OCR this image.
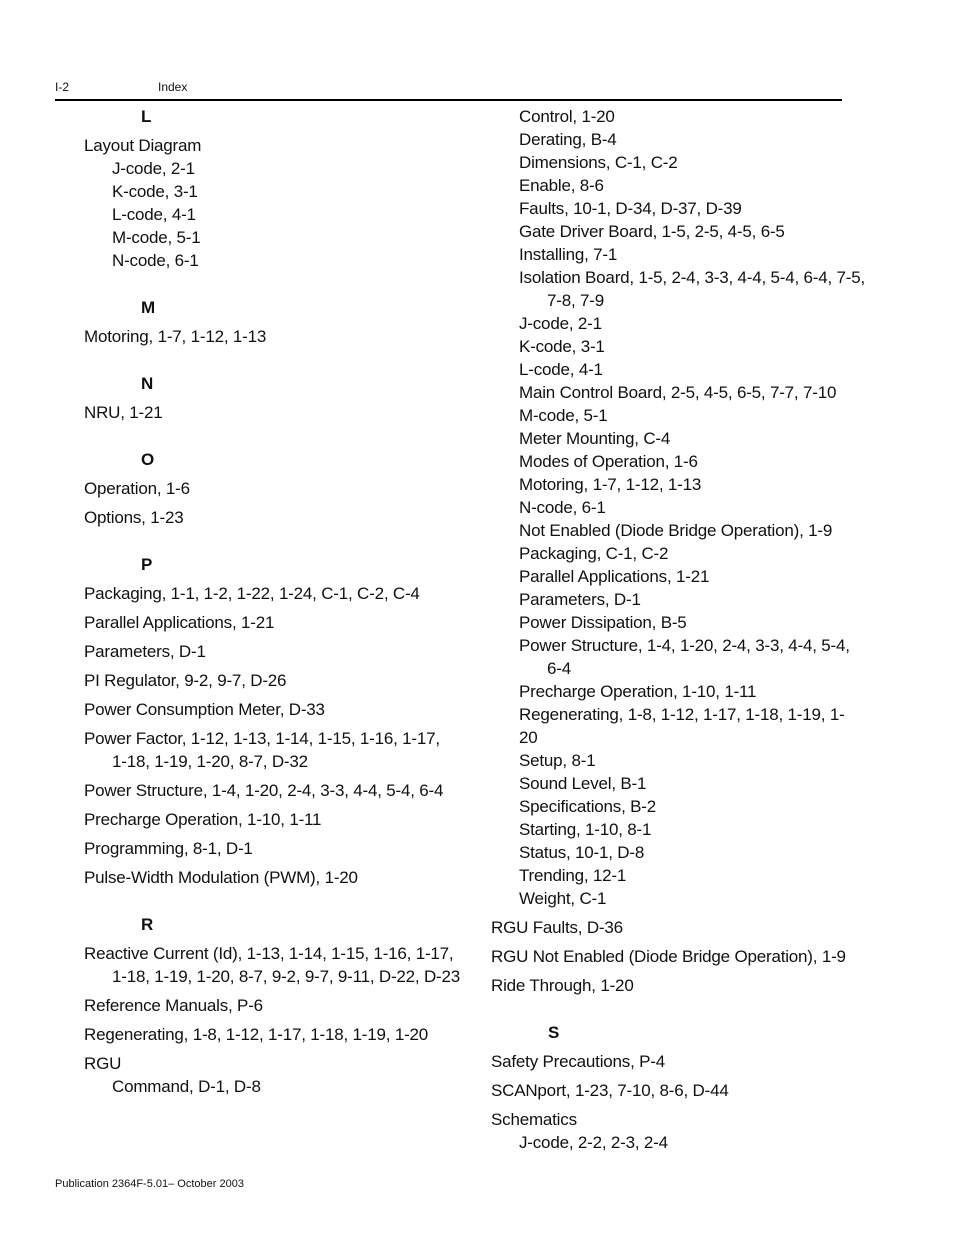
I-2	Index
L
Layout Diagram
J-code, 2-1
K-code, 3-1
L-code, 4-1
M-code, 5-1
N-code, 6-1
M
Motoring, 1-7, 1-12, 1-13
N
NRU, 1-21
O
Operation, 1-6
Options, 1-23
P
Packaging, 1-1, 1-2, 1-22, 1-24, C-1, C-2, C-4
Parallel Applications, 1-21
Parameters, D-1
PI Regulator, 9-2, 9-7, D-26
Power Consumption Meter, D-33
Power Factor, 1-12, 1-13, 1-14, 1-15, 1-16, 1-17, 1-18, 1-19, 1-20, 8-7, D-32
Power Structure, 1-4, 1-20, 2-4, 3-3, 4-4, 5-4, 6-4
Precharge Operation, 1-10, 1-11
Programming, 8-1, D-1
Pulse-Width Modulation (PWM), 1-20
R
Reactive Current (Id), 1-13, 1-14, 1-15, 1-16, 1-17, 1-18, 1-19, 1-20, 8-7, 9-2, 9-7, 9-11, D-22, D-23
Reference Manuals, P-6
Regenerating, 1-8, 1-12, 1-17, 1-18, 1-19, 1-20
RGU
Command, D-1, D-8
Control, 1-20
Derating, B-4
Dimensions, C-1, C-2
Enable, 8-6
Faults, 10-1, D-34, D-37, D-39
Gate Driver Board, 1-5, 2-5, 4-5, 6-5
Installing, 7-1
Isolation Board, 1-5, 2-4, 3-3, 4-4, 5-4, 6-4, 7-5, 7-8, 7-9
J-code, 2-1
K-code, 3-1
L-code, 4-1
Main Control Board, 2-5, 4-5, 6-5, 7-7, 7-10
M-code, 5-1
Meter Mounting, C-4
Modes of Operation, 1-6
Motoring, 1-7, 1-12, 1-13
N-code, 6-1
Not Enabled (Diode Bridge Operation), 1-9
Packaging, C-1, C-2
Parallel Applications, 1-21
Parameters, D-1
Power Dissipation, B-5
Power Structure, 1-4, 1-20, 2-4, 3-3, 4-4, 5-4, 6-4
Precharge Operation, 1-10, 1-11
Regenerating, 1-8, 1-12, 1-17, 1-18, 1-19, 1-20
Setup, 8-1
Sound Level, B-1
Specifications, B-2
Starting, 1-10, 8-1
Status, 10-1, D-8
Trending, 12-1
Weight, C-1
RGU Faults, D-36
RGU Not Enabled (Diode Bridge Operation), 1-9
Ride Through, 1-20
S
Safety Precautions, P-4
SCANport, 1-23, 7-10, 8-6, D-44
Schematics
J-code, 2-2, 2-3, 2-4
Publication 2364F-5.01– October 2003
